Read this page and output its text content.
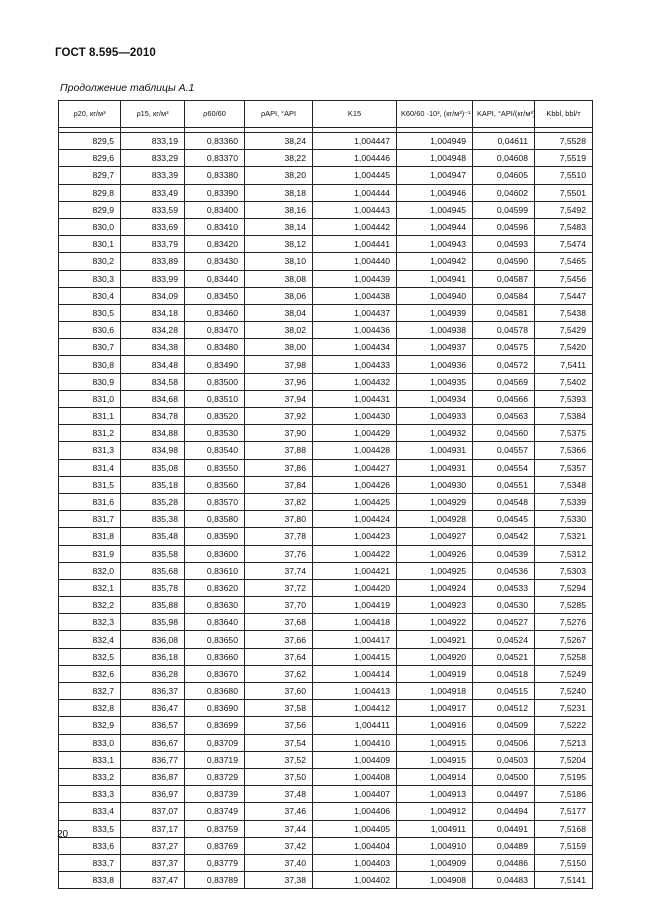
ГОСТ 8.595—2010
Продолжение таблицы А.1
ρ20, кг/м³	ρ15, кг/м³	ρ60/60	ρAPI, °API	K15	K60/60 ·10³, (кг/м³)⁻¹	KAPI, °API/(кг/м³)	Kbbl, bbl/т

829,5	833,19	0,83360	38,24	1,004447	1,004949	0,04611	7,5528
829,6	833,29	0,83370	38,22	1,004446	1,004948	0,04608	7,5519
829,7	833,39	0,83380	38,20	1,004445	1,004947	0,04605	7,5510
829,8	833,49	0,83390	38,18	1,004444	1,004946	0,04602	7,5501
829,9	833,59	0,83400	38,16	1,004443	1,004945	0,04599	7,5492
830,0	833,69	0,83410	38,14	1,004442	1,004944	0,04596	7,5483
830,1	833,79	0,83420	38,12	1,004441	1,004943	0,04593	7,5474
830,2	833,89	0,83430	38,10	1,004440	1,004942	0,04590	7,5465
830,3	833,99	0,83440	38,08	1,004439	1,004941	0,04587	7,5456
830,4	834,09	0,83450	38,06	1,004438	1,004940	0,04584	7,5447
830,5	834,18	0,83460	38,04	1,004437	1,004939	0,04581	7,5438
830,6	834,28	0,83470	38,02	1,004436	1,004938	0,04578	7,5429
830,7	834,38	0,83480	38,00	1,004434	1,004937	0,04575	7,5420
830,8	834,48	0,83490	37,98	1,004433	1,004936	0,04572	7,5411
830,9	834,58	0,83500	37,96	1,004432	1,004935	0,04569	7,5402
831,0	834,68	0,83510	37,94	1,004431	1,004934	0,04566	7,5393
831,1	834,78	0,83520	37,92	1,004430	1,004933	0,04563	7,5384
831,2	834,88	0,83530	37,90	1,004429	1,004932	0,04560	7,5375
831,3	834,98	0,83540	37,88	1,004428	1,004931	0,04557	7,5366
831,4	835,08	0,83550	37,86	1,004427	1,004931	0,04554	7,5357
831,5	835,18	0,83560	37,84	1,004426	1,004930	0,04551	7,5348
831,6	835,28	0,83570	37,82	1,004425	1,004929	0,04548	7,5339
831,7	835,38	0,83580	37,80	1,004424	1,004928	0,04545	7,5330
831,8	835,48	0,83590	37,78	1,004423	1,004927	0,04542	7,5321
831,9	835,58	0,83600	37,76	1,004422	1,004926	0,04539	7,5312
832,0	835,68	0,83610	37,74	1,004421	1,004925	0,04536	7,5303
832,1	835,78	0,83620	37,72	1,004420	1,004924	0,04533	7,5294
832,2	835,88	0,83630	37,70	1,004419	1,004923	0,04530	7,5285
832,3	835,98	0,83640	37,68	1,004418	1,004922	0,04527	7,5276
832,4	836,08	0,83650	37,66	1,004417	1,004921	0,04524	7,5267
832,5	836,18	0,83660	37,64	1,004415	1,004920	0,04521	7,5258
832,6	836,28	0,83670	37,62	1,004414	1,004919	0,04518	7,5249
832,7	836,37	0,83680	37,60	1,004413	1,004918	0,04515	7,5240
832,8	836,47	0,83690	37,58	1,004412	1,004917	0,04512	7,5231
832,9	836,57	0,83699	37,56	1,004411	1,004916	0,04509	7,5222
833,0	836,67	0,83709	37,54	1,004410	1,004915	0,04506	7,5213
833,1	836,77	0,83719	37,52	1,004409	1,004915	0,04503	7,5204
833,2	836,87	0,83729	37,50	1,004408	1,004914	0,04500	7,5195
833,3	836,97	0,83739	37,48	1,004407	1,004913	0,04497	7,5186
833,4	837,07	0,83749	37,46	1,004406	1,004912	0,04494	7,5177
833,5	837,17	0,83759	37,44	1,004405	1,004911	0,04491	7,5168
833,6	837,27	0,83769	37,42	1,004404	1,004910	0,04489	7,5159
833,7	837,37	0,83779	37,40	1,004403	1,004909	0,04486	7,5150
833,8	837,47	0,83789	37,38	1,004402	1,004908	0,04483	7,5141
20
